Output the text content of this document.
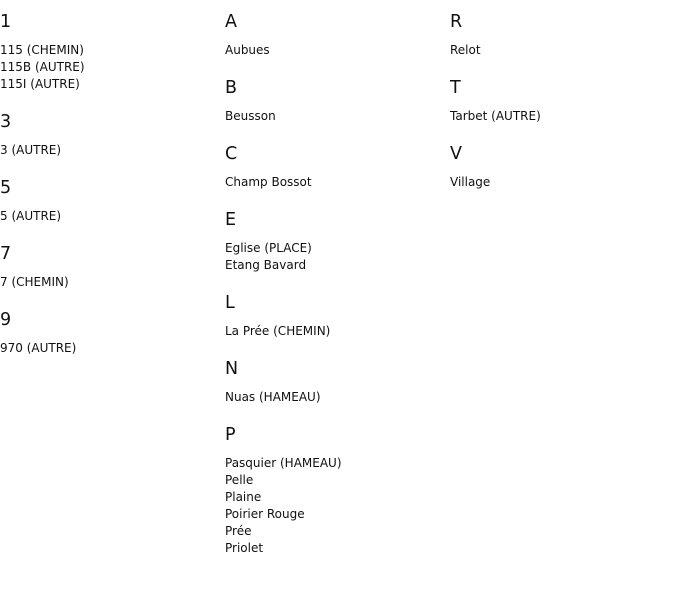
1
115 (CHEMIN)
115B (AUTRE)
115I (AUTRE)
3
3 (AUTRE)
5
5 (AUTRE)
7
7 (CHEMIN)
9
970 (AUTRE)
A
Aubues
B
Beusson
C
Champ Bossot
E
Eglise (PLACE)
Etang Bavard
L
La Prée (CHEMIN)
N
Nuas (HAMEAU)
P
Pasquier (HAMEAU)
Pelle
Plaine
Poirier Rouge
Prée
Priolet
R
Relot
T
Tarbet (AUTRE)
V
Village
